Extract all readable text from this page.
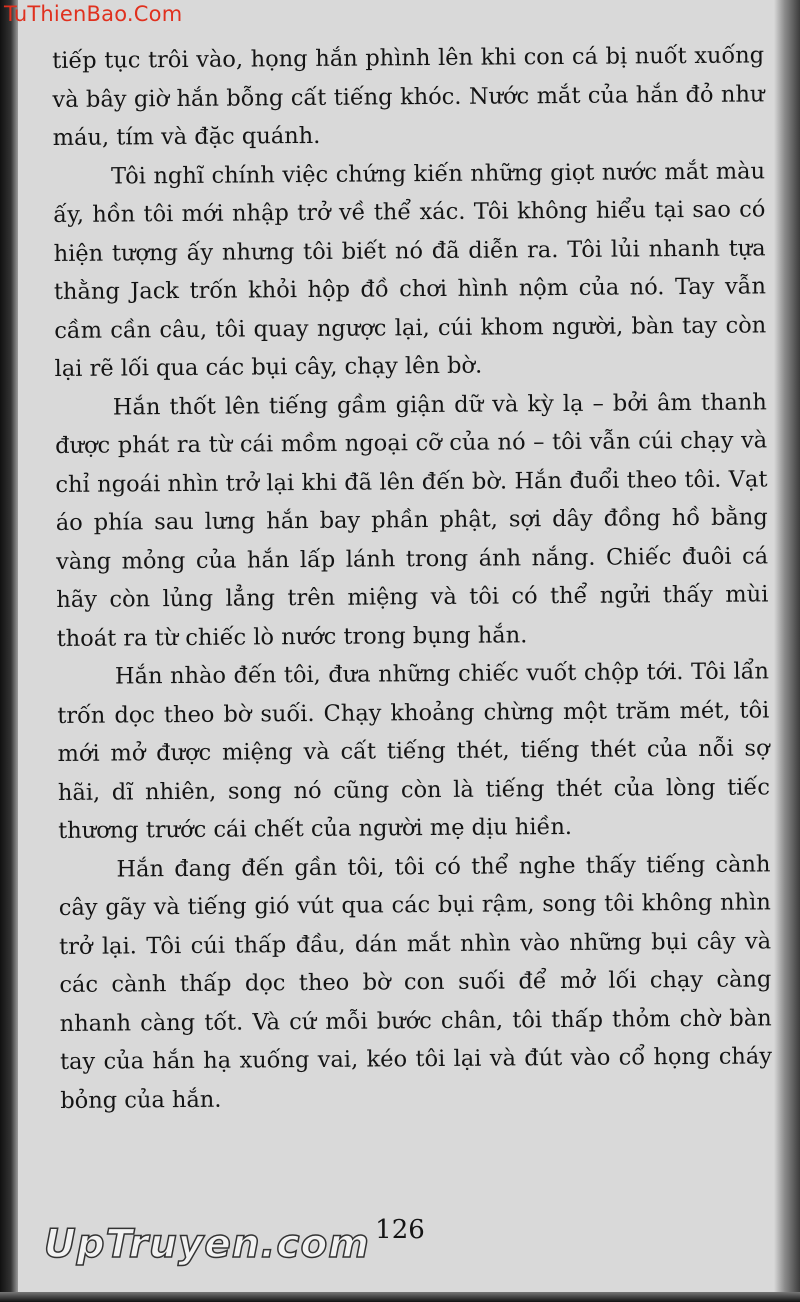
TuThienBao.Com

tiếp tục trôi vào, họng hắn phình lên khi con cá bị nuốt xuống và bây giờ hắn bỗng cất tiếng khóc. Nước mắt của hắn đỏ như máu, tím và đặc quánh.

Tôi nghĩ chính việc chứng kiến những giọt nước mắt màu ấy, hồn tôi mới nhập trở về thể xác. Tôi không hiểu tại sao có hiện tượng ấy nhưng tôi biết nó đã diễn ra. Tôi lủi nhanh tựa thằng Jack trốn khỏi hộp đồ chơi hình nộm của nó. Tay vẫn cầm cần câu, tôi quay ngược lại, cúi khom người, bàn tay còn lại rẽ lối qua các bụi cây, chạy lên bờ.

Hắn thốt lên tiếng gầm giận dữ và kỳ lạ – bởi âm thanh được phát ra từ cái mồm ngoại cỡ của nó – tôi vẫn cúi chạy và chỉ ngoái nhìn trở lại khi đã lên đến bờ. Hắn đuổi theo tôi. Vạt áo phía sau lưng hắn bay phần phật, sợi dây đồng hồ bằng vàng mỏng của hắn lấp lánh trong ánh nắng. Chiếc đuôi cá hãy còn lủng lẳng trên miệng và tôi có thể ngửi thấy mùi thoát ra từ chiếc lò nước trong bụng hắn.

Hắn nhào đến tôi, đưa những chiếc vuốt chộp tới. Tôi lẩn trốn dọc theo bờ suối. Chạy khoảng chừng một trăm mét, tôi mới mở được miệng và cất tiếng thét, tiếng thét của nỗi sợ hãi, dĩ nhiên, song nó cũng còn là tiếng thét của lòng tiếc thương trước cái chết của người mẹ dịu hiền.

Hắn đang đến gần tôi, tôi có thể nghe thấy tiếng cành cây gãy và tiếng gió vút qua các bụi rậm, song tôi không nhìn trở lại. Tôi cúi thấp đầu, dán mắt nhìn vào những bụi cây và các cành thấp dọc theo bờ con suối để mở lối chạy càng nhanh càng tốt. Và cứ mỗi bước chân, tôi thấp thỏm chờ bàn tay của hắn hạ xuống vai, kéo tôi lại và đút vào cổ họng cháy bỏng của hắn.

UpTruyen.com 126
